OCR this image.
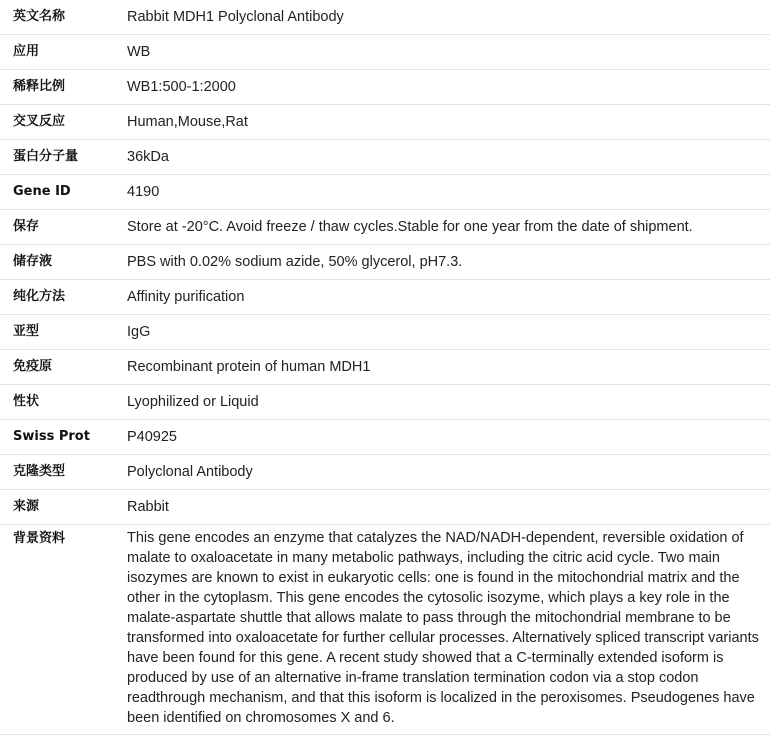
英文名称	Rabbit MDH1 Polyclonal Antibody
应用	WB
稀释比例	WB1:500-1:2000
交叉反应	Human,Mouse,Rat
蛋白分子量	36kDa
Gene ID	4190
保存	Store at -20°C. Avoid freeze / thaw cycles.Stable for one year from the date of shipment.
储存液	PBS with 0.02% sodium azide, 50% glycerol, pH7.3.
纯化方法	Affinity purification
亚型	IgG
免疫原	Recombinant protein of human MDH1
性状	Lyophilized or Liquid
Swiss Prot	P40925
克隆类型	Polyclonal Antibody
来源	Rabbit
背景资料	This gene encodes an enzyme that catalyzes the NAD/NADH-dependent, reversible oxidation of malate to oxaloacetate in many metabolic pathways, including the citric acid cycle. Two main isozymes are known to exist in eukaryotic cells: one is found in the mitochondrial matrix and the other in the cytoplasm. This gene encodes the cytosolic isozyme, which plays a key role in the malate-aspartate shuttle that allows malate to pass through the mitochondrial membrane to be transformed into oxaloacetate for further cellular processes. Alternatively spliced transcript variants have been found for this gene. A recent study showed that a C-terminally extended isoform is produced by use of an alternative in-frame translation termination codon via a stop codon readthrough mechanism, and that this isoform is localized in the peroxisomes. Pseudogenes have been identified on chromosomes X and 6.
